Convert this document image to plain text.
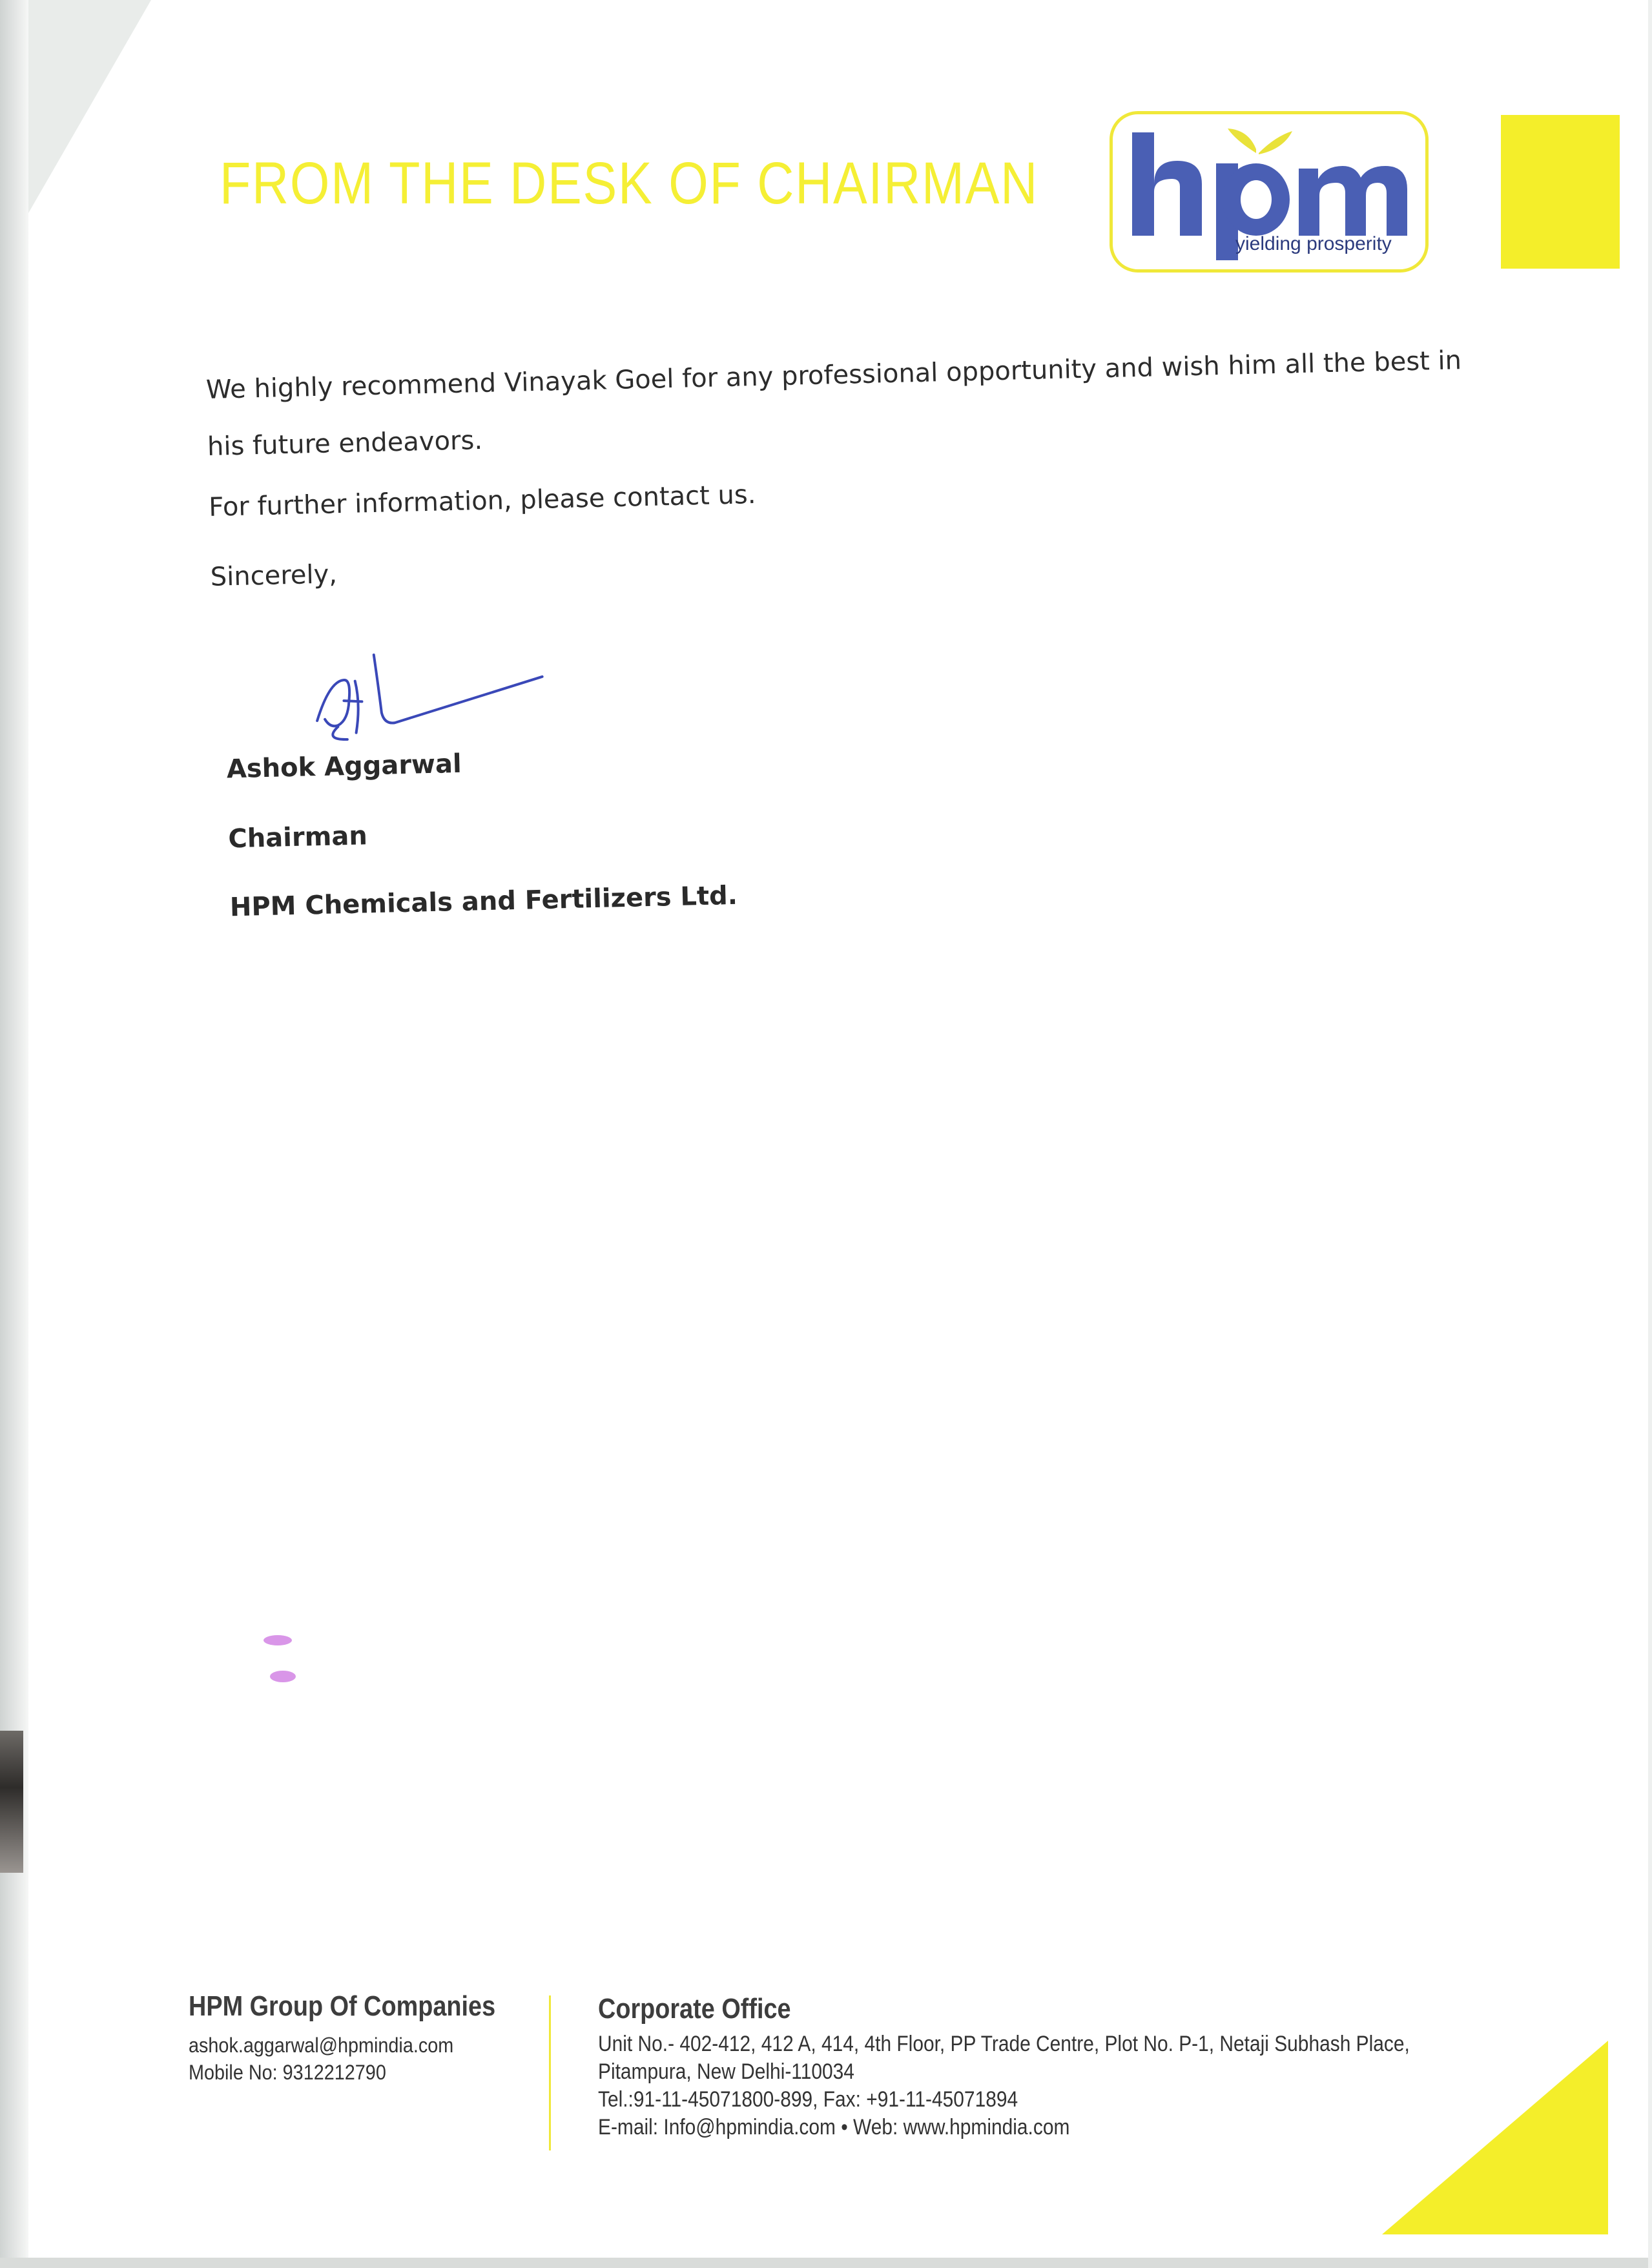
FROM THE DESK OF CHAIRMAN
yielding prosperity

We highly recommend Vinayak Goel for any professional opportunity and wish him all the best in his future endeavors.

For further information, please contact us.

Sincerely,

Ashok Aggarwal

Chairman

HPM Chemicals and Fertilizers Ltd.

HPM Group Of Companies

ashok.aggarwal@hpmindia.com

Mobile No: 9312212790

Corporate Office

Unit No.- 402-412, 412 A, 414, 4th Floor, PP Trade Centre, Plot No. P-1, Netaji Subhash Place,

Pitampura, New Delhi-110034

Tel.:91-11-45071800-899, Fax: +91-11-45071894

E-mail: Info@hpmindia.com • Web: www.hpmindia.com
